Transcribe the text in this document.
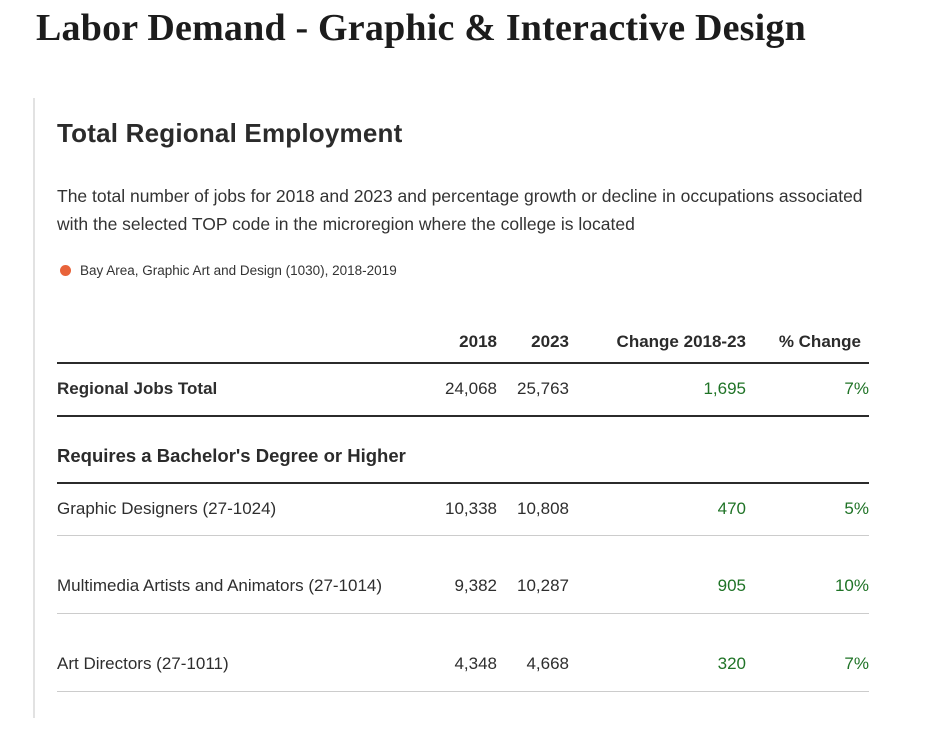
Labor Demand - Graphic & Interactive Design
Total Regional Employment

The total number of jobs for 2018 and 2023 and percentage growth or decline in occupations associated with the selected TOP code in the microregion where the college is located

Bay Area, Graphic Art and Design (1030), 2018-2019
	2018	2023	Change 2018-23	% Change
Regional Jobs Total	24,068	25,763	1,695	7%
Requires a Bachelor's Degree or Higher
Graphic Designers (27-1024)	10,338	10,808	470	5%
Multimedia Artists and Animators (27-1014)	9,382	10,287	905	10%
Art Directors (27-1011)	4,348	4,668	320	7%
